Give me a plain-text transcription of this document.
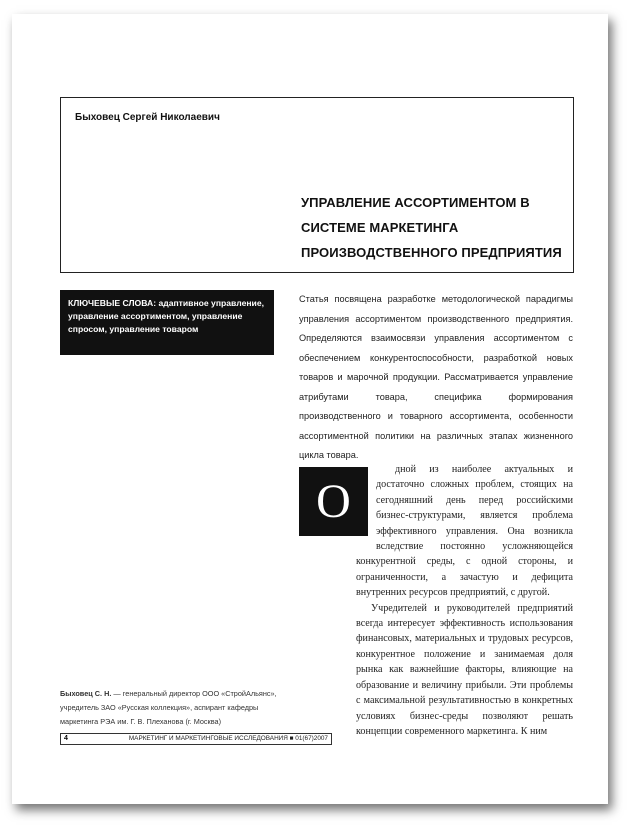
Быховец Сергей Николаевич
УПРАВЛЕНИЕ АССОРТИМЕНТОМ В
СИСТЕМЕ МАРКЕТИНГА
ПРОИЗВОДСТВЕННОГО ПРЕДПРИЯТИЯ
КЛЮЧЕВЫЕ СЛОВА: адаптивное управление, управление ассортиментом, управление спросом, управление товаром
Статья посвящена разработке методологической парадигмы управления ассортиментом производственного предприятия. Определяются взаимосвязи управления ассортиментом с обеспечением конкурентоспособности, разработкой новых товаров и марочной продукции. Рассматривается управление атрибутами товара, специфика формирования производственного и товарного ассортимента, особенности ассортиментной политики на различных этапах жизненного цикла товара.
О

дной из наиболее актуальных и достаточно сложных проблем, стоящих на сегодняшний день перед российскими бизнес-структурами, является проблема эффективного управления. Она возникла вследствие постоянно усложняющейся конкурентной среды, с одной стороны, и ограниченности, а зачастую и дефицита внутренних ресурсов предприятий, с другой.

Учредителей и руководителей предприятий всегда интересует эффективность использования финансовых, материальных и трудовых ресурсов, конкурентное положение и занимаемая доля рынка как важнейшие факторы, влияющие на образование и величину прибыли. Эти проблемы с максимальной результативностью в конкретных условиях бизнес-среды позволяют решать концепции современного маркетинга. К ним

Быховец С. Н. — генеральный директор ООО «СтройАльянс», учредитель ЗАО «Русская коллекция», аспирант кафедры маркетинга РЭА им. Г. В. Плеханова (г. Москва)
4	МАРКЕТИНГ И МАРКЕТИНГОВЫЕ ИССЛЕДОВАНИЯ ■ 01(67)2007
